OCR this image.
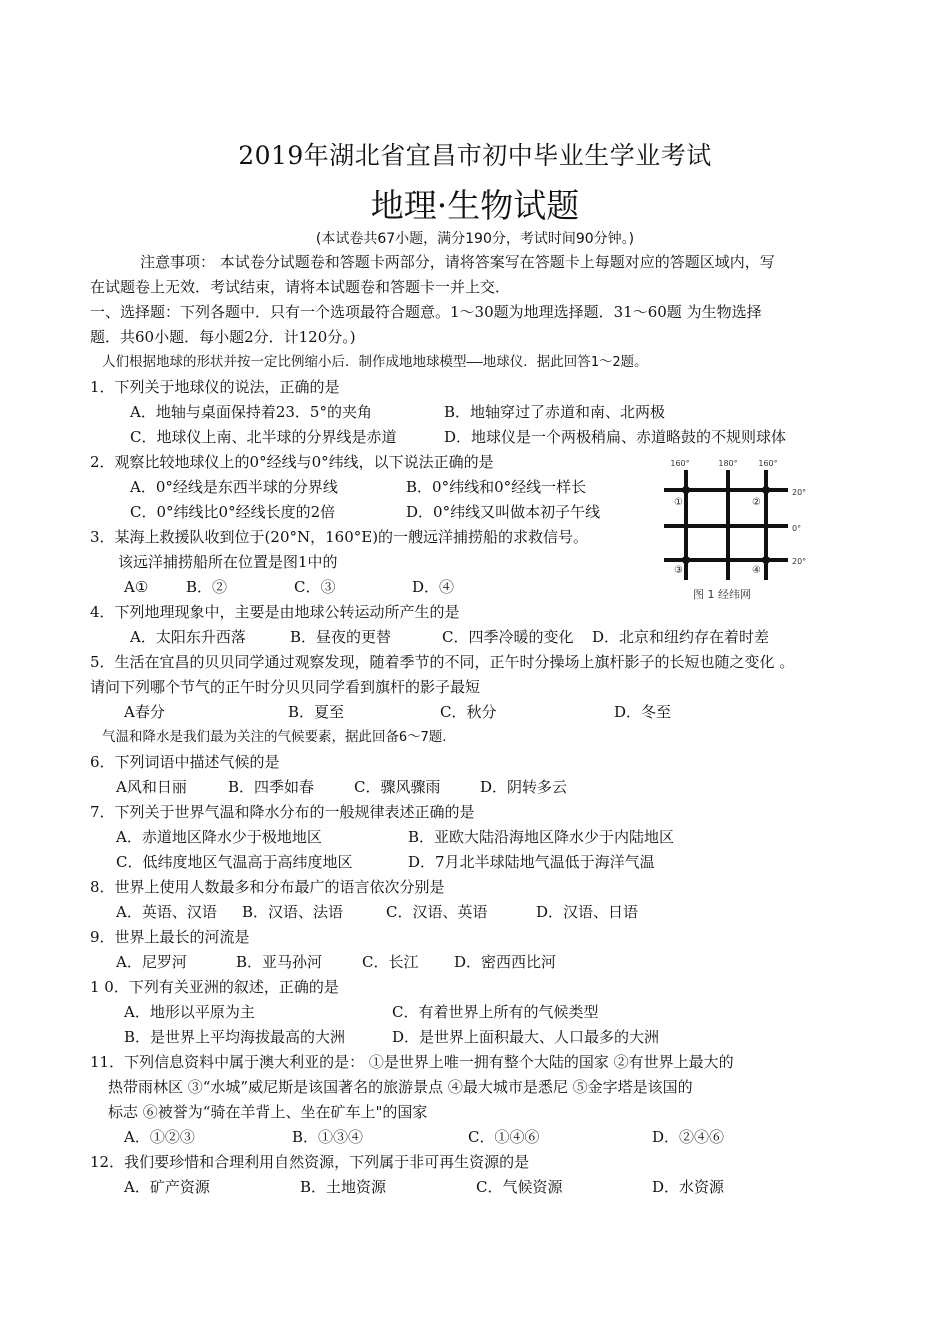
2019年湖北省宜昌市初中毕业生学业考试
地理·生物试题
(本试卷共67小题，满分190分，考试时间90分钟。)
注意事项： 本试卷分试题卷和答题卡两部分，请将答案写在答题卡上每题对应的答题区域内，写
在试题卷上无效．考试结束，请将本试题卷和答题卡一并上交．
一、选择题：下列各题中．只有一个选项最符合题意。1～30题为地理选择题．31～60题 为生物选择
题．共60小题．每小题2分．计120分。)
人们根据地球的形状并按一定比例缩小后．制作成地地球模型——地球仪．据此回答1～2题。
1．下列关于地球仪的说法，正确的是
A．地轴与桌面保持着23．5°的夹角	B．地轴穿过了赤道和南、北两极
C．地球仪上南、北半球的分界线是赤道	D．地球仪是一个两极稍扁、赤道略鼓的不规则球体
2．观察比较地球仪上的0°经线与0°纬线，以下说法正确的是
A．0°经线是东西半球的分界线	B．0°纬线和0°经线一样长
C．0°纬线比0°经线长度的2倍	D．0°纬线又叫做本初子午线
3．某海上救援队收到位于(20°N，160°E)的一艘远洋捕捞船的求救信号。
该远洋捕捞船所在位置是图1中的
A①	B．②	C．③	D．④
4．下列地理现象中，主要是由地球公转运动所产生的是
A．太阳东升西落	B．昼夜的更替	C．四季冷暖的变化	D．北京和纽约存在着时差
5．生活在宜昌的贝贝同学通过观察发现，随着季节的不同，正午时分操场上旗杆影子的长短也随之变化 。
请问下列哪个节气的正午时分贝贝同学看到旗杆的影子最短
A春分	B．夏至	C．秋分	D．冬至
气温和降水是我们最为关注的气候要素，据此回备6～7题．
6．下列词语中描述气候的是
A风和日丽	B．四季如春	C．骤风骤雨	D．阴转多云
7．下列关于世界气温和降水分布的一般规律表述正确的是
A．赤道地区降水少于极地地区	B．亚欧大陆沿海地区降水少于内陆地区
C．低纬度地区气温高于高纬度地区	D．7月北半球陆地气温低于海洋气温
8．世界上使用人数最多和分布最广的语言依次分别是
A．英语、汉语	B．汉语、法语	C．汉语、英语	D．汉语、日语
9．世界上最长的河流是
A．尼罗河	B．亚马孙河	C．长江	D．密西西比河
1 0．下列有关亚洲的叙述，正确的是
A．地形以平原为主	C．有着世界上所有的气候类型
B．是世界上平均海拔最高的大洲	D．是世界上面积最大、人口最多的大洲
11．下列信息资料中属于澳大利亚的是： ①是世界上唯一拥有整个大陆的国家 ②有世界上最大的
热带雨林区 ③“水城”威尼斯是该国著名的旅游景点 ④最大城市是悉尼 ⑤金字塔是该国的
标志 ⑥被誉为“骑在羊背上、坐在矿车上"的国家
A．①②③	B．①③④	C．①④⑥	D．②④⑥
12．我们要珍惜和合理利用自然资源，下列属于非可再生资源的是
A．矿产资源	B．土地资源	C．气候资源	D．水资源
160°	180°	160°
20°
0°
20°
①	②
③	④
图 1 经纬网
